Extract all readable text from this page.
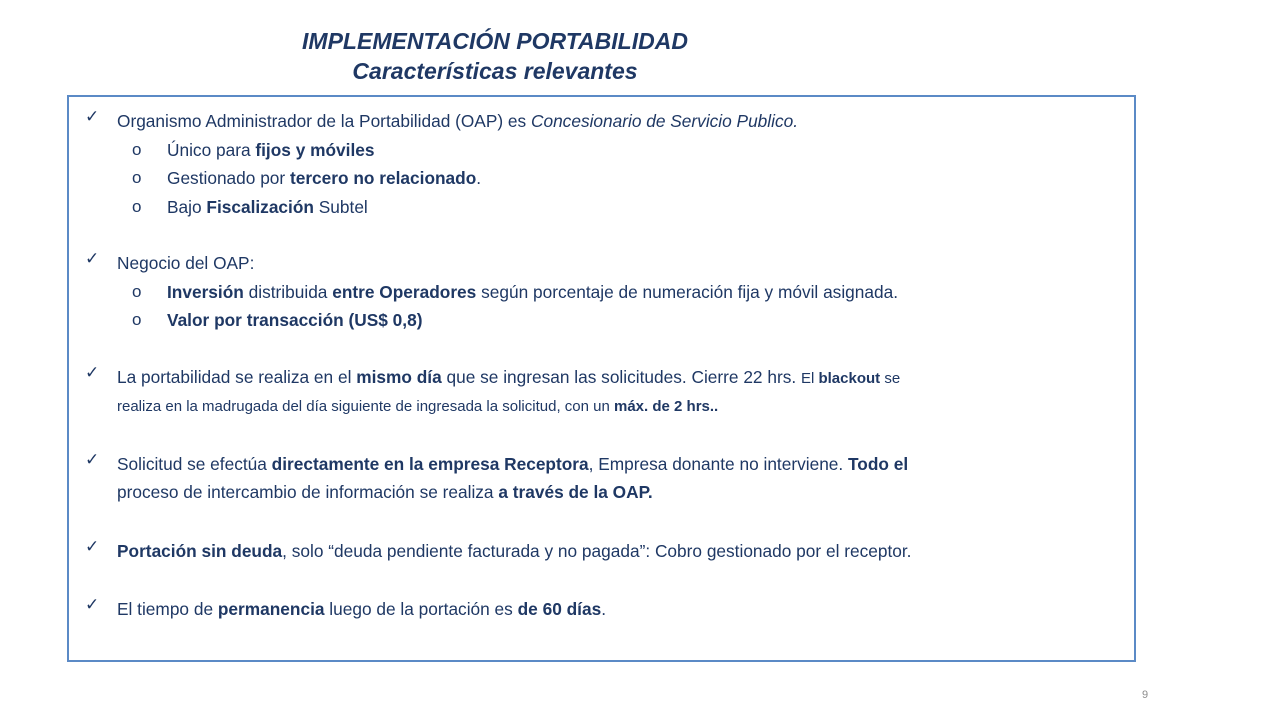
IMPLEMENTACIÓN PORTABILIDAD
Características relevantes
✓ Organismo Administrador de la Portabilidad (OAP) es Concesionario de Servicio Publico.
o Único para fijos y móviles
o Gestionado por tercero no relacionado.
o Bajo Fiscalización Subtel
✓ Negocio del OAP:
o Inversión distribuida entre Operadores según porcentaje de numeración fija y móvil asignada.
o Valor por transacción (US$ 0,8)
✓ La portabilidad se realiza en el mismo día que se ingresan las solicitudes. Cierre 22 hrs. El blackout se
realiza en la madrugada del día siguiente de ingresada la solicitud, con un máx. de 2 hrs..
✓ Solicitud se efectúa directamente en la empresa Receptora, Empresa donante no interviene. Todo el
proceso de intercambio de información se realiza a través de la OAP.
✓ Portación sin deuda, solo “deuda pendiente facturada y no pagada”: Cobro gestionado por el receptor.
✓ El tiempo de permanencia luego de la portación es de 60 días.
9
